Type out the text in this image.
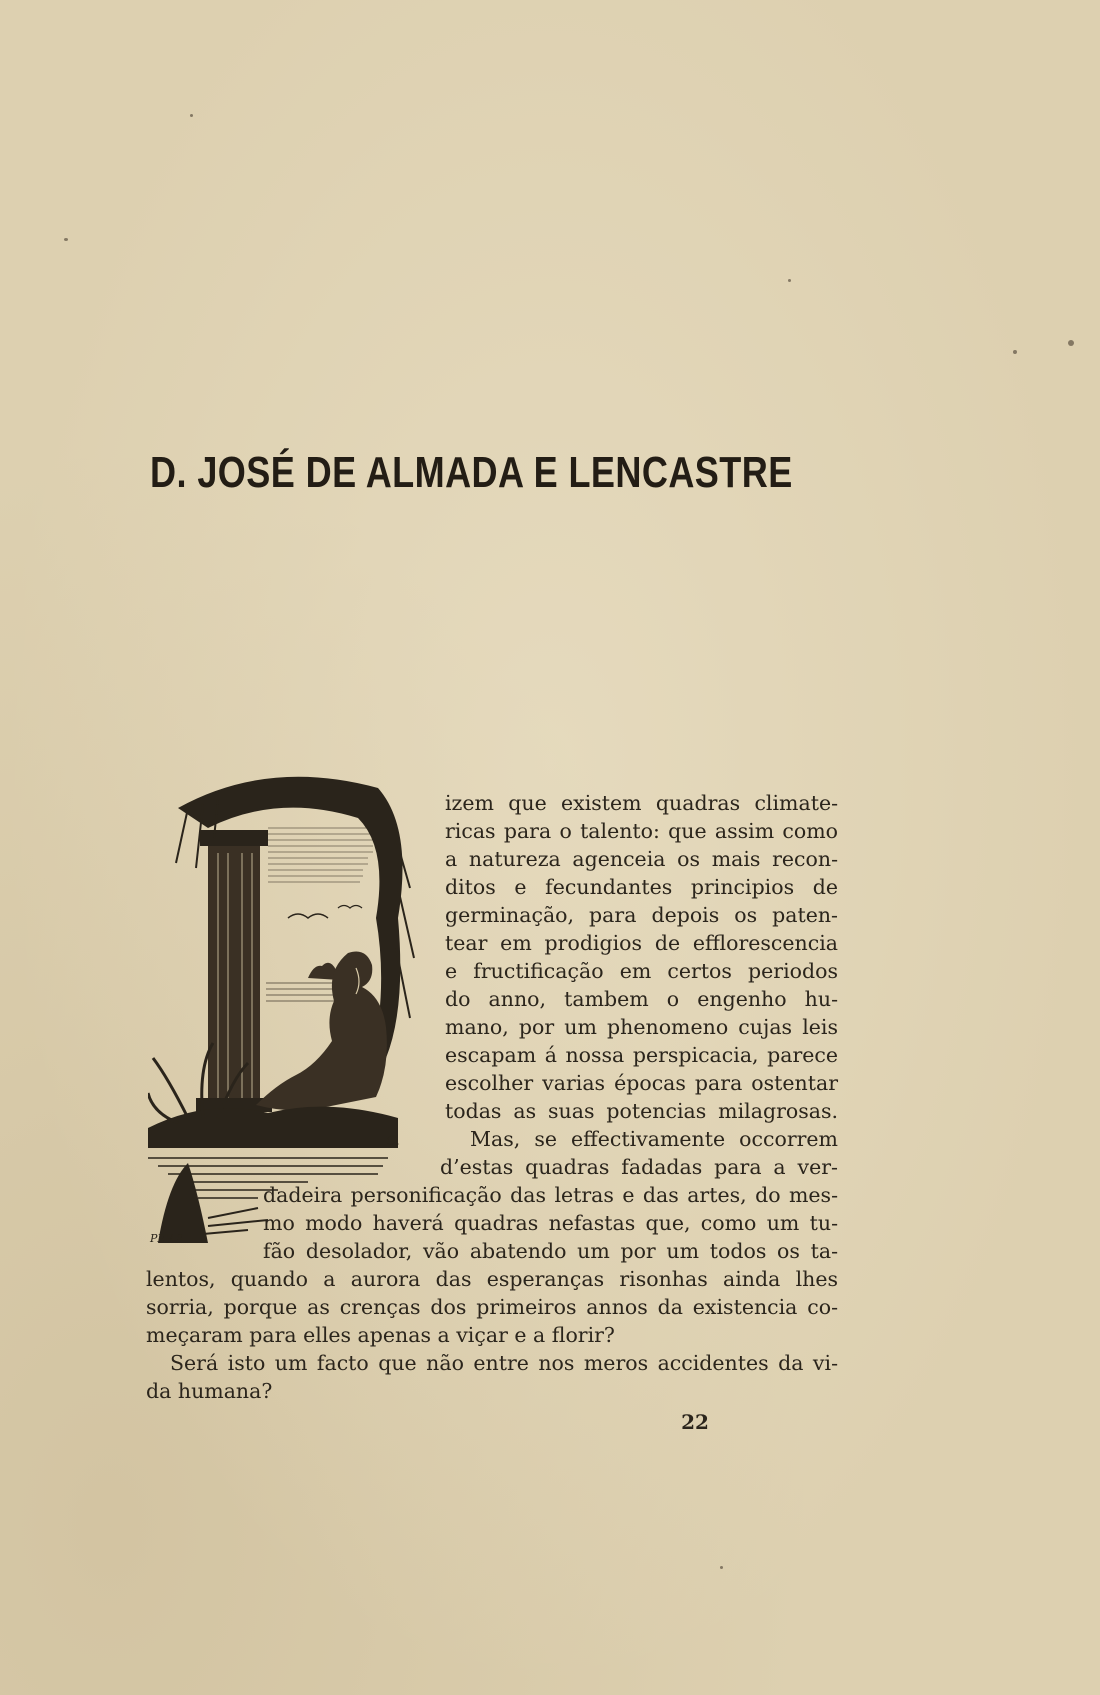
D. JOSÉ DE ALMADA E LENCASTRE
C.
PER.º
izem que existem quadras climate-
ricas para o talento: que assim como
a natureza agenceia os mais recon-
ditos e fecundantes principios de
germinação, para depois os paten-
tear em prodigios de efflorescencia
e fructificação em certos periodos
do anno, tambem o engenho hu-
mano, por um phenomeno cujas leis
escapam á nossa perspicacia, parece
escolher varias épocas para ostentar
todas as suas potencias milagrosas.
Mas, se effectivamente occorrem
d’estas quadras fadadas para a ver-
dadeira personificação das letras e das artes, do mes-
mo modo haverá quadras nefastas que, como um tu-
fão desolador, vão abatendo um por um todos os ta-
lentos, quando a aurora das esperanças risonhas ainda lhes
sorria, porque as crenças dos primeiros annos da existencia co-
meçaram para elles apenas a viçar e a florir?
Será isto um facto que não entre nos meros accidentes da vi-
da humana?
22
